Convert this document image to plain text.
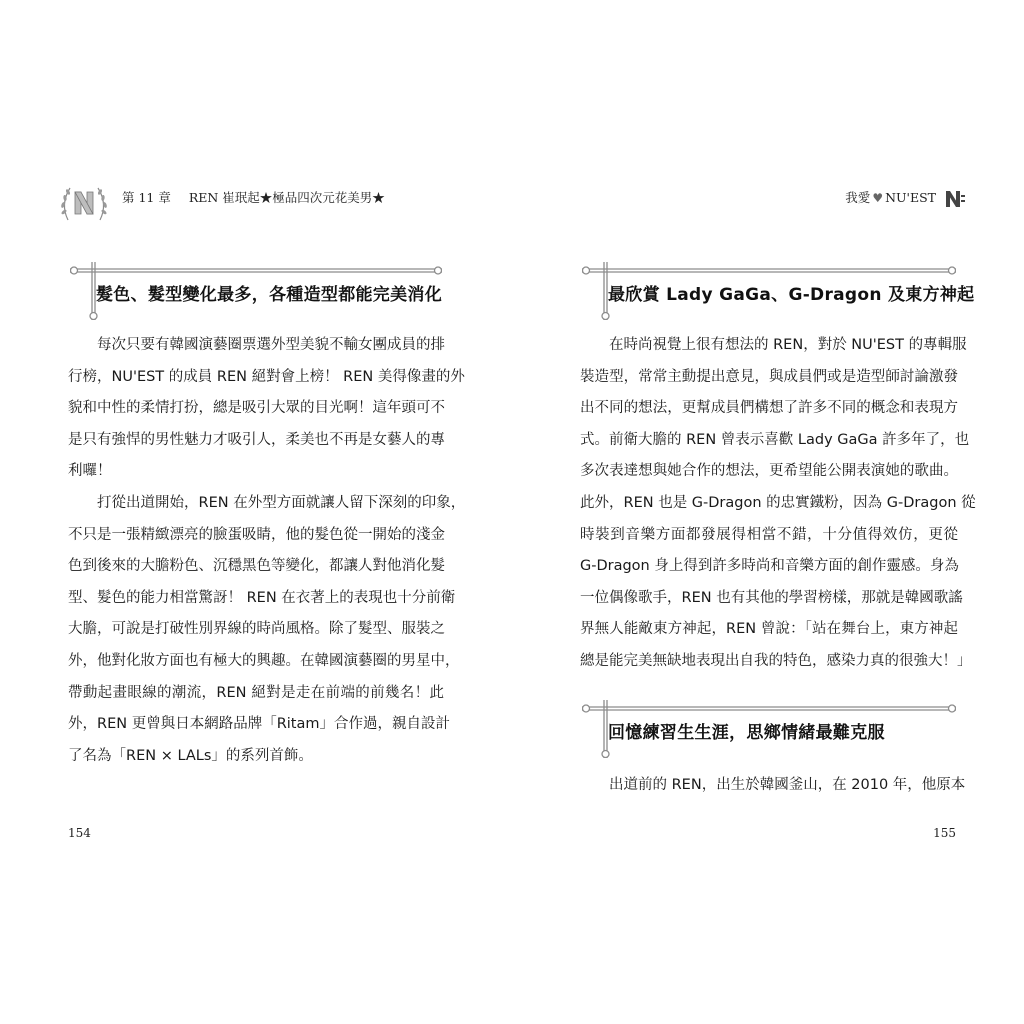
第 11 章 REN 崔珉起★極品四次元花美男★
髮色、髮型變化最多，各種造型都能完美消化
每次只要有韓國演藝圈票選外型美貌不輸女團成員的排
行榜，NU'EST 的成員 REN 絕對會上榜！ REN 美得像畫的外
貌和中性的柔情打扮，總是吸引大眾的目光啊！這年頭可不
是只有強悍的男性魅力才吸引人，柔美也不再是女藝人的專
利囉！
打從出道開始，REN 在外型方面就讓人留下深刻的印象，
不只是一張精緻漂亮的臉蛋吸睛，他的髮色從一開始的淺金
色到後來的大膽粉色、沉穩黑色等變化，都讓人對他消化髮
型、髮色的能力相當驚訝！ REN 在衣著上的表現也十分前衛
大膽，可說是打破性別界線的時尚風格。除了髮型、服裝之
外，他對化妝方面也有極大的興趣。在韓國演藝圈的男星中，
帶動起畫眼線的潮流，REN 絕對是走在前端的前幾名！此
外，REN 更曾與日本網路品牌「Ritam」合作過，親自設計
了名為「REN × LALs」的系列首飾。
154
我愛 ♥ NU'EST
最欣賞 Lady GaGa、G-Dragon 及東方神起
在時尚視覺上很有想法的 REN，對於 NU'EST 的專輯服
裝造型，常常主動提出意見，與成員們或是造型師討論激發
出不同的想法，更幫成員們構想了許多不同的概念和表現方
式。前衛大膽的 REN 曾表示喜歡 Lady GaGa 許多年了，也
多次表達想與她合作的想法，更希望能公開表演她的歌曲。
此外，REN 也是 G-Dragon 的忠實鐵粉，因為 G-Dragon 從
時裝到音樂方面都發展得相當不錯，十分值得效仿，更從
G-Dragon 身上得到許多時尚和音樂方面的創作靈感。身為
一位偶像歌手，REN 也有其他的學習榜樣，那就是韓國歌謠
界無人能敵東方神起，REN 曾說：「站在舞台上，東方神起
總是能完美無缺地表現出自我的特色，感染力真的很強大！」
回憶練習生生涯，思鄉情緒最難克服
出道前的 REN，出生於韓國釜山，在 2010 年，他原本
155
